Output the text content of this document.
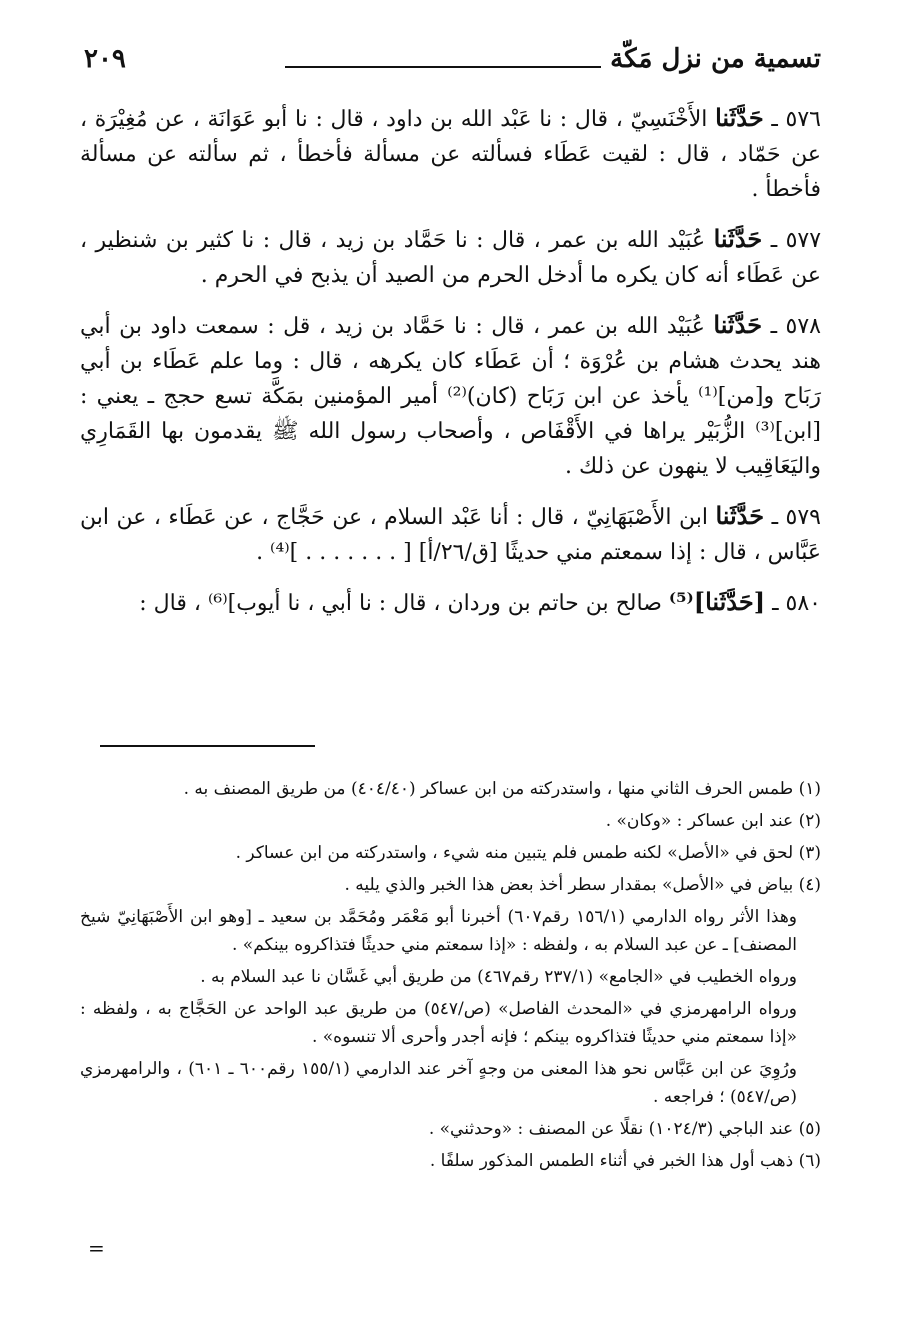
تسمية من نزل مَكّة
٢٠٩

٥٧٦ ـ حَدَّثَنا الأَخْنَسِيّ ، قال : نا عَبْد الله بن داود ، قال : نا أبو عَوَانَة ، عن مُغِيْرَة ، عن حَمّاد ، قال : لقيت عَطَاء فسألته عن مسألة فأخطأ ، ثم سألته عن مسألة فأخطأ .

٥٧٧ ـ حَدَّثَنا عُبَيْد الله بن عمر ، قال : نا حَمَّاد بن زيد ، قال : نا كثير بن شنظير ، عن عَطَاء أنه كان يكره ما أدخل الحرم من الصيد أن يذبح في الحرم .

٥٧٨ ـ حَدَّثَنا عُبَيْد الله بن عمر ، قال : نا حَمَّاد بن زيد ، قل : سمعت داود بن أبي هند يحدث هشام بن عُرْوَة ؛ أن عَطَاء كان يكرهه ، قال : وما علم عَطَاء بن أبي رَبَاح و[من]⁽¹⁾ يأخذ عن ابن رَبَاح (كان)⁽²⁾ أمير المؤمنين بمَكَّة تسع حجج ـ يعني : [ابن]⁽³⁾ الزُّبَيْر يراها في الأَقْفَاص ، وأصحاب رسول الله ﷺ يقدمون بها القَمَارِي واليَعَاقِيب لا ينهون عن ذلك .

٥٧٩ ـ حَدَّثَنا ابن الأَصْبَهَانِيّ ، قال : أنا عَبْد السلام ، عن حَجَّاج ، عن عَطَاء ، عن ابن عَبَّاس ، قال : إذا سمعتم مني حديثًا [ق/٢٦/أ] [ . . . . . . . ]⁽⁴⁾ .

٥٨٠ ـ [حَدَّثَنا]⁽⁵⁾ صالح بن حاتم بن وردان ، قال : نا أبي ، نا أيوب]⁽⁶⁾ ، قال :

(١) طمس الحرف الثاني منها ، واستدركته من ابن عساكر (٤٠٤/٤٠) من طريق المصنف به .

(٢) عند ابن عساكر : «وكان» .

(٣) لحق في «الأصل» لكنه طمس فلم يتبين منه شيء ، واستدركته من ابن عساكر .

(٤) بياض في «الأصل» بمقدار سطر أخذ بعض هذا الخبر والذي يليه .

وهذا الأثر رواه الدارمي (١٥٦/١ رقم٦٠٧) أخبرنا أبو مَعْمَر ومُحَمَّد بن سعيد ـ [وهو ابن الأَصْبَهَانِيّ شيخ المصنف] ـ عن عبد السلام به ، ولفظه : «إذا سمعتم مني حديثًا فتذاكروه بينكم» .

ورواه الخطيب في «الجامع» (٢٣٧/١ رقم٤٦٧) من طريق أبي غَسَّان نا عبد السلام به .

ورواه الرامهرمزي في «المحدث الفاصل» (ص/٥٤٧) من طريق عبد الواحد عن الحَجَّاج به ، ولفظه : «إذا سمعتم مني حديثًا فتذاكروه بينكم ؛ فإنه أجدر وأحرى ألا تنسوه» .

ورُوِيَ عن ابن عَبَّاس نحو هذا المعنى من وجهٍ آخر عند الدارمي (١٥٥/١ رقم٦٠٠ ـ ٦٠١) ، والرامهرمزي (ص/٥٤٧) ؛ فراجعه .

(٥) عند الباجي (١٠٢٤/٣) نقلًا عن المصنف : «وحدثني» .

(٦) ذهب أول هذا الخبر في أثناء الطمس المذكور سلفًا .

=
